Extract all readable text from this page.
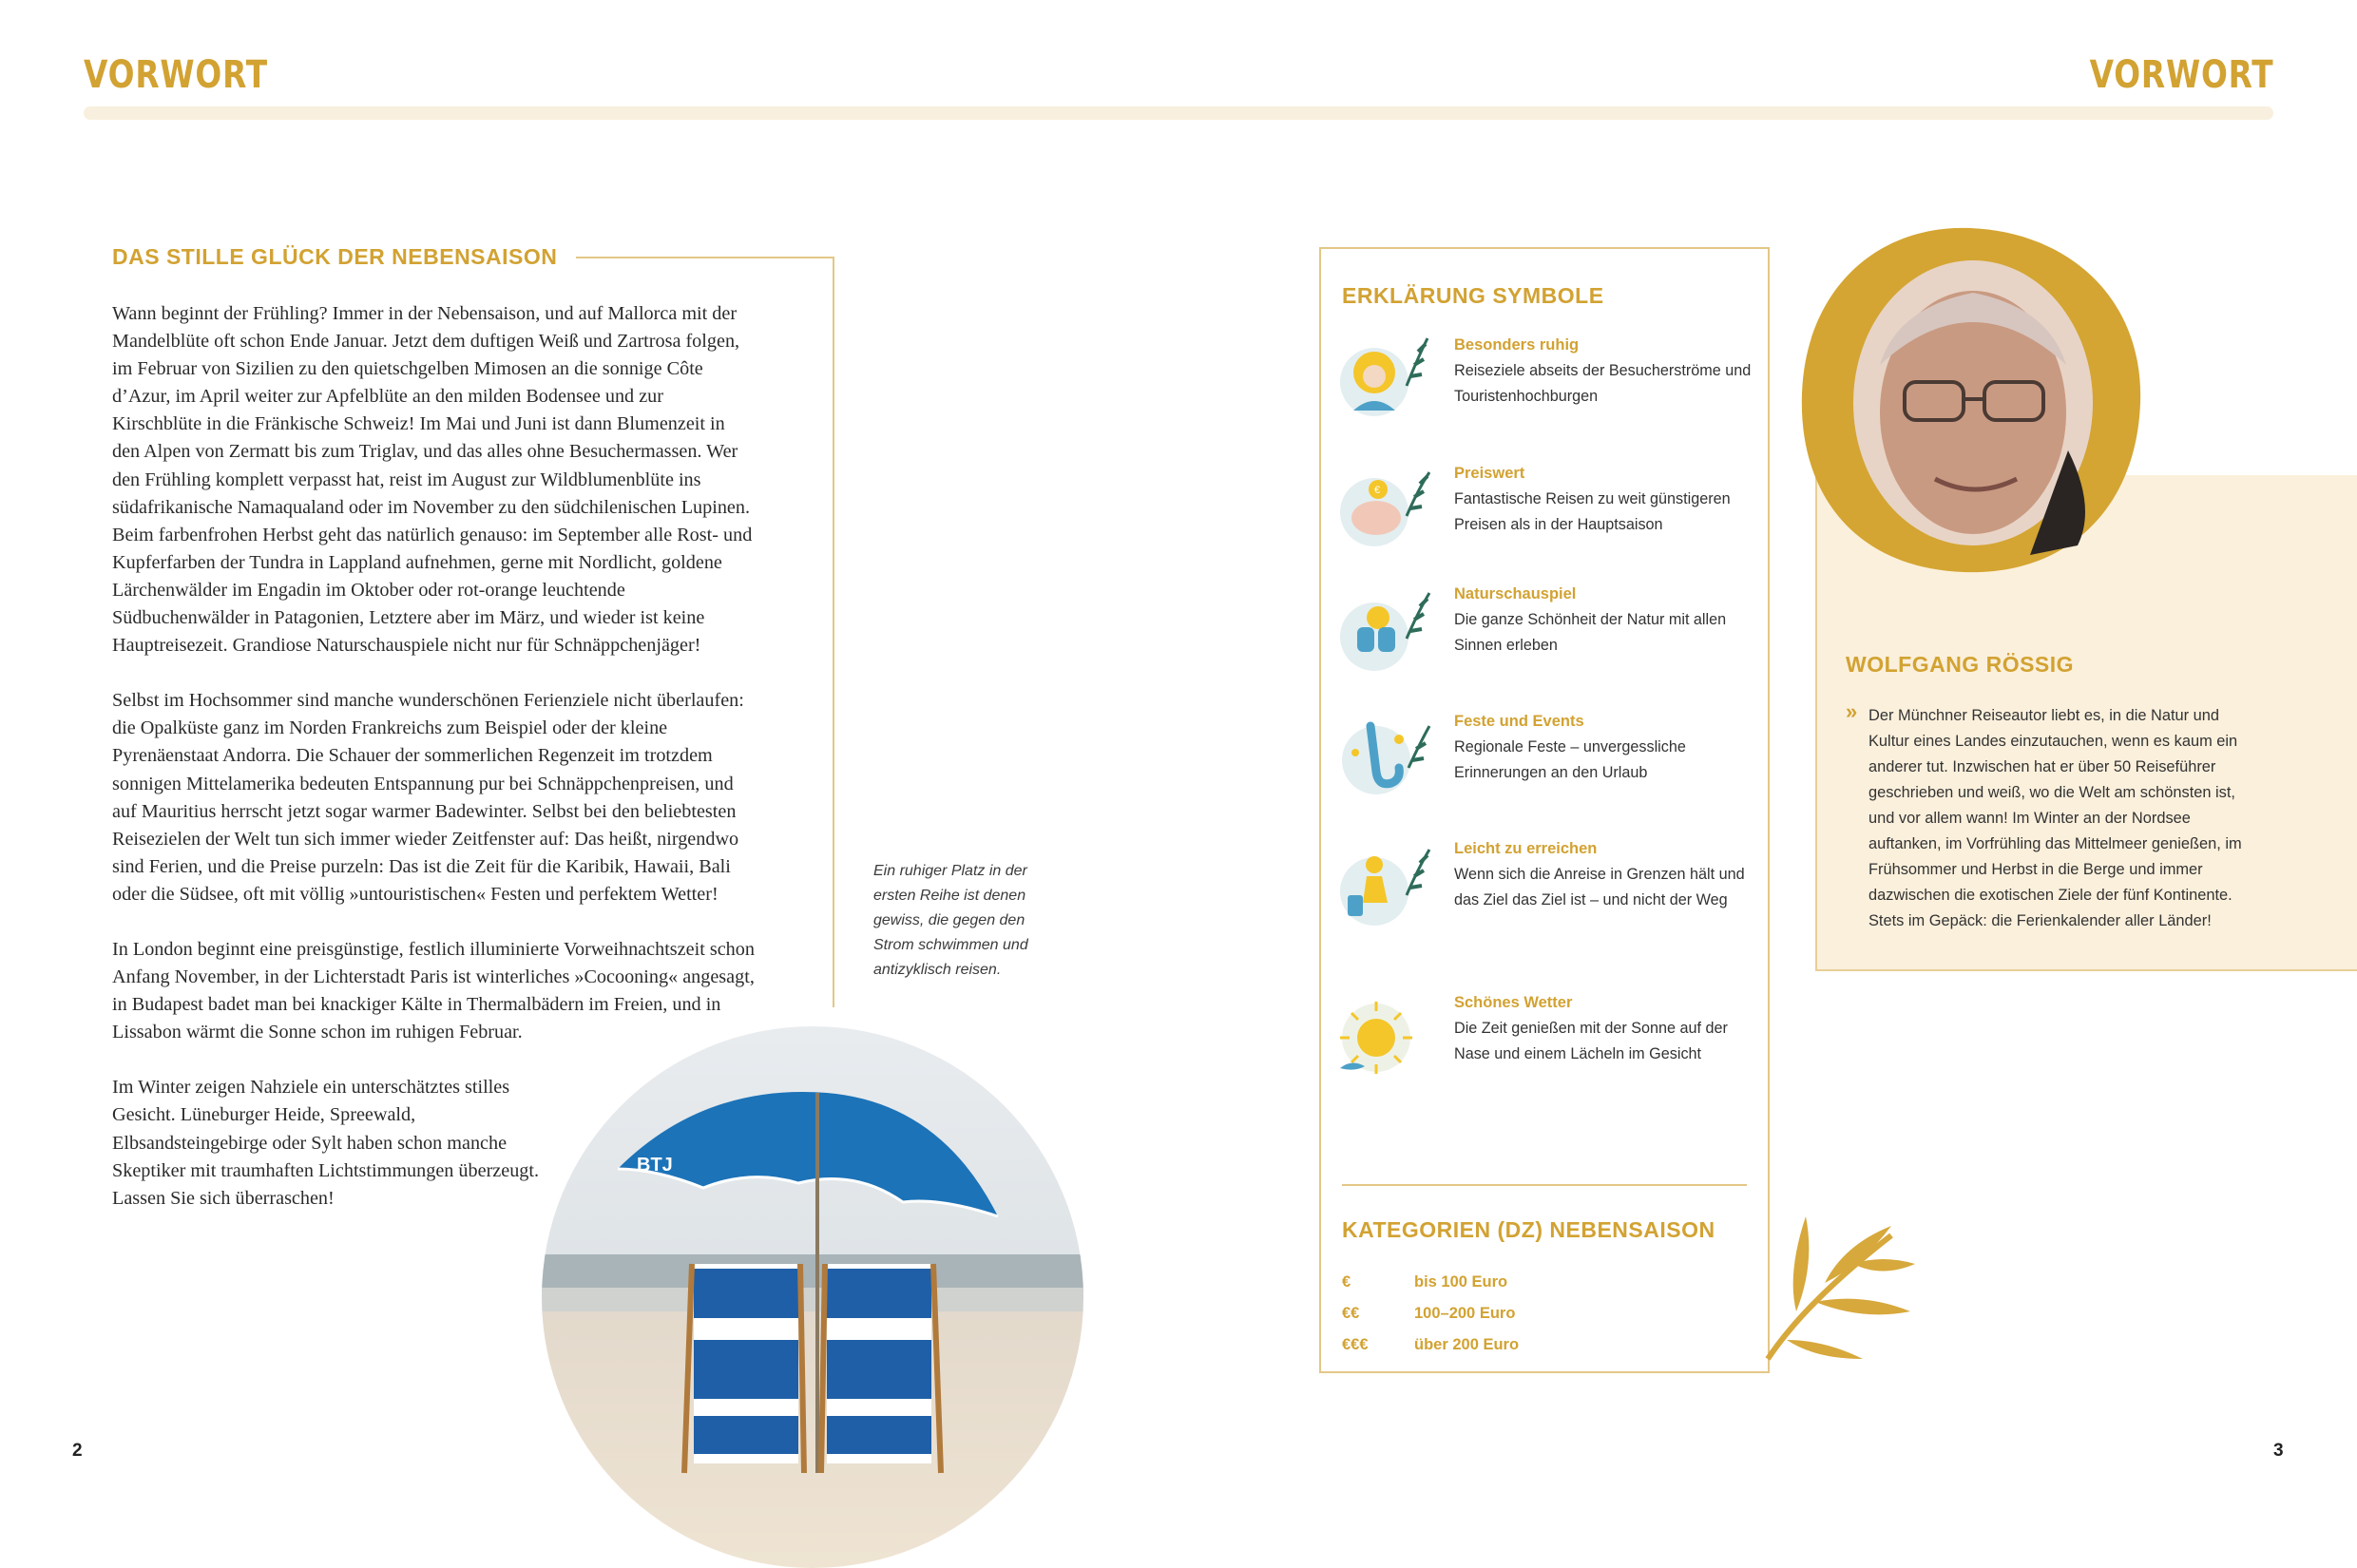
VORWORT	VORWORT
DAS STILLE GLÜCK DER NEBENSAISON

Wann beginnt der Frühling? Immer in der Nebensaison, und auf Mallorca mit der Mandelblüte oft schon Ende Januar. Jetzt dem duftigen Weiß und Zartrosa folgen, im Februar von Sizilien zu den quietschgelben Mimosen an die sonnige Côte d’Azur, im April weiter zur Apfelblüte an den milden Bodensee und zur Kirschblüte in die Fränkische Schweiz! Im Mai und Juni ist dann Blumenzeit in den Alpen von Zermatt bis zum Triglav, und das alles ohne Besuchermassen. Wer den Frühling komplett verpasst hat, reist im August zur Wildblumenblüte ins südafrikanische Namaqualand oder im November zu den südchilenischen Lupinen. Beim farbenfrohen Herbst geht das natürlich genauso: im September alle Rost- und Kupferfarben der Tundra in Lappland aufnehmen, gerne mit Nordlicht, goldene Lärchenwälder im Engadin im Oktober oder rot-orange leuchtende Südbuchenwälder in Patagonien, Letztere aber im März, und wieder ist keine Hauptreisezeit. Grandiose Naturschauspiele nicht nur für Schnäppchenjäger!

Selbst im Hochsommer sind manche wunderschönen Ferienziele nicht überlaufen: die Opalküste ganz im Norden Frankreichs zum Beispiel oder der kleine Pyrenäenstaat Andorra. Die Schauer der sommerlichen Regenzeit im trotzdem sonnigen Mittelamerika bedeuten Entspannung pur bei Schnäppchenpreisen, und auf Mauritius herrscht jetzt sogar warmer Badewinter. Selbst bei den beliebtesten Reisezielen der Welt tun sich immer wieder Zeitfenster auf: Das heißt, nirgendwo sind Ferien, und die Preise purzeln: Das ist die Zeit für die Karibik, Hawaii, Bali oder die Südsee, oft mit völlig »untouristischen« Festen und perfektem Wetter!

In London beginnt eine preisgünstige, festlich illuminierte Vorweihnachtszeit schon Anfang November, in der Lichterstadt Paris ist winterliches »Cocooning« angesagt, in Budapest badet man bei knackiger Kälte in Thermalbädern im Freien, und in Lissabon wärmt die Sonne schon im ruhigen Februar.

Im Winter zeigen Nahziele ein unterschätztes stilles Gesicht. Lüneburger Heide, Spreewald, Elbsandsteingebirge oder Sylt haben schon manche Skeptiker mit traumhaften Lichtstimmungen überzeugt. Lassen Sie sich überraschen!

Ein ruhiger Platz in der ersten Reihe ist denen gewiss, die gegen den Strom schwimmen und antizyklisch reisen.
BTJ
2
ERKLÄRUNG SYMBOLE
Besonders ruhig
Reiseziele abseits der Besucherströme und Touristenhochburgen
€
Preiswert
Fantastische Reisen zu weit günstigeren Preisen als in der Hauptsaison
Naturschauspiel
Die ganze Schönheit der Natur mit allen Sinnen erleben
Feste und Events
Regionale Feste – unvergessliche Erinnerungen an den Urlaub
Leicht zu erreichen
Wenn sich die Anreise in Grenzen hält und das Ziel das Ziel ist – und nicht der Weg
Schönes Wetter
Die Zeit genießen mit der Sonne auf der Nase und einem Lächeln im Gesicht
KATEGORIEN (DZ) NEBENSAISON
€	bis 100 Euro
€€	100–200 Euro
€€€	über 200 Euro
WOLFGANG RÖSSIG
» Der Münchner Reiseautor liebt es, in die Natur und Kultur eines Landes einzutauchen, wenn es kaum ein anderer tut. Inzwischen hat er über 50 Reiseführer geschrieben und weiß, wo die Welt am schönsten ist, und vor allem wann! Im Winter an der Nordsee auftanken, im Vorfrühling das Mittelmeer genießen, im Frühsommer und Herbst in die Berge und immer dazwischen die exotischen Ziele der fünf Kontinente. Stets im Gepäck: die Ferienkalender aller Länder!
3
